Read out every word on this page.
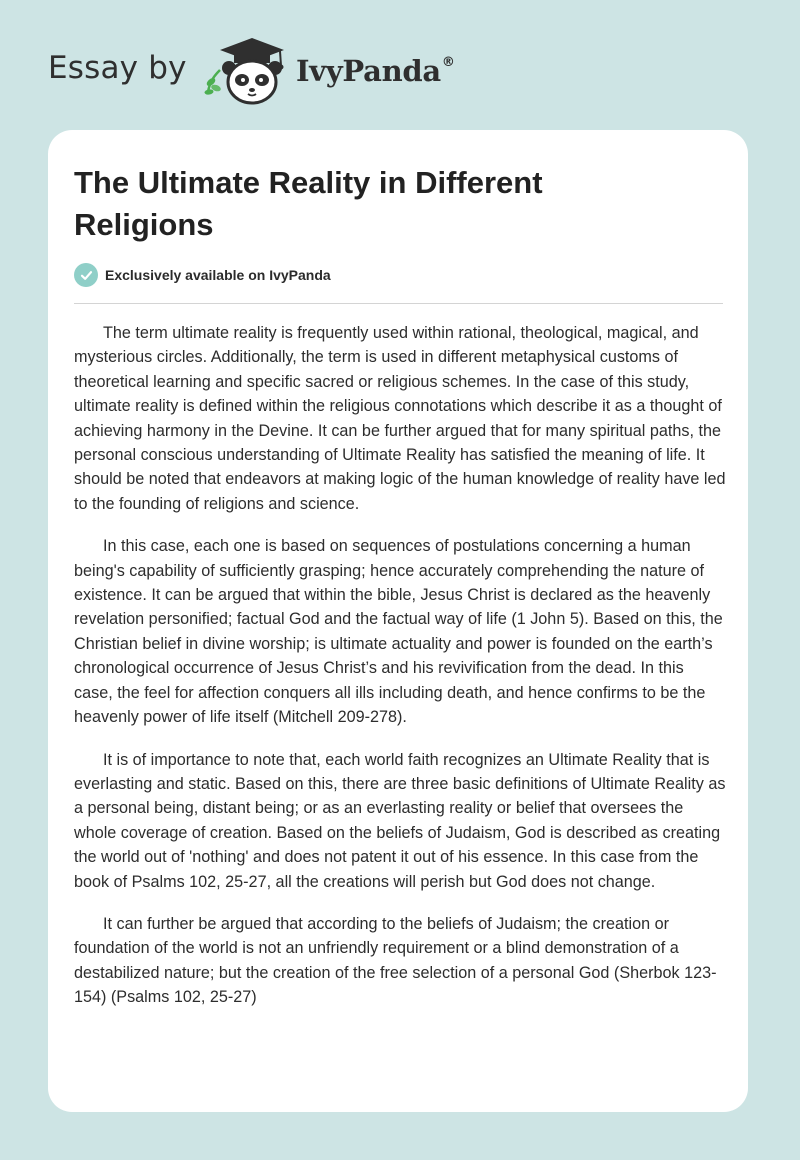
Essay by	IvyPanda®
The Ultimate Reality in Different Religions
Exclusively available on IvyPanda

The term ultimate reality is frequently used within rational, theological, magical, and mysterious circles. Additionally, the term is used in different metaphysical customs of theoretical learning and specific sacred or religious schemes. In the case of this study, ultimate reality is defined within the religious connotations which describe it as a thought of achieving harmony in the Devine. It can be further argued that for many spiritual paths, the personal conscious understanding of Ultimate Reality has satisfied the meaning of life. It should be noted that endeavors at making logic of the human knowledge of reality have led to the founding of religions and science.

In this case, each one is based on sequences of postulations concerning a human being's capability of sufficiently grasping; hence accurately comprehending the nature of existence. It can be argued that within the bible, Jesus Christ is declared as the heavenly revelation personified; factual God and the factual way of life (1 John 5). Based on this, the Christian belief in divine worship; is ultimate actuality and power is founded on the earth’s chronological occurrence of Jesus Christ’s and his revivification from the dead. In this case, the feel for affection conquers all ills including death, and hence confirms to be the heavenly power of life itself (Mitchell 209-278).

It is of importance to note that, each world faith recognizes an Ultimate Reality that is everlasting and static. Based on this, there are three basic definitions of Ultimate Reality as a personal being, distant being; or as an everlasting reality or belief that oversees the whole coverage of creation. Based on the beliefs of Judaism, God is described as creating the world out of 'nothing' and does not patent it out of his essence. In this case from the book of Psalms 102, 25-27, all the creations will perish but God does not change.

It can further be argued that according to the beliefs of Judaism; the creation or foundation of the world is not an unfriendly requirement or a blind demonstration of a destabilized nature; but the creation of the free selection of a personal God (Sherbok 123-154) (Psalms 102, 25-27)
